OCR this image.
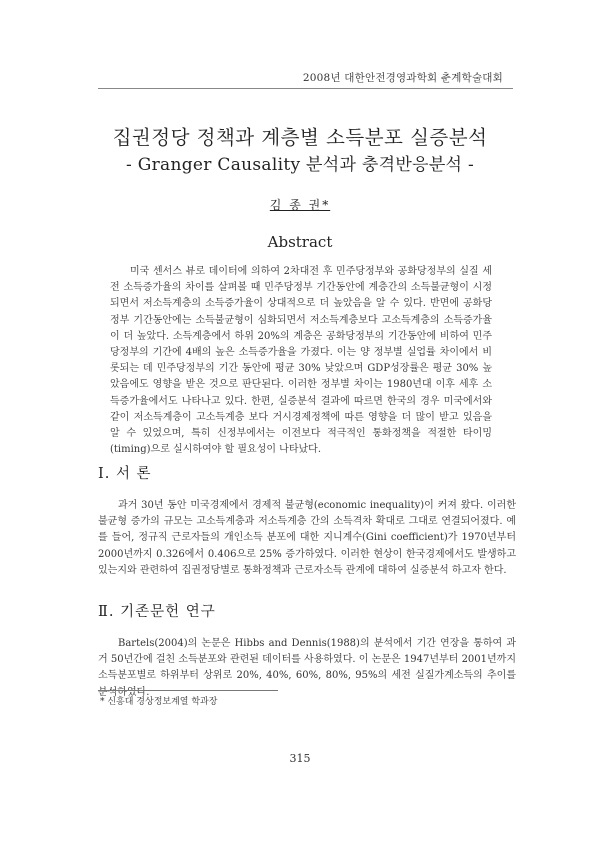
2008년 대한안전경영과학회 춘계학술대회
집권정당 정책과 계층별 소득분포 실증분석
- Granger Causality 분석과 충격반응분석 -
김 종 권*
Abstract
미국 센서스 뷰로 데이터에 의하여 2차대전 후 민주당정부와 공화당정부의 실질 세전 소득증가율의 차이를 살펴볼 때 민주당정부 기간동안에 계층간의 소득불균형이 시정되면서 저소득계층의 소득증가율이 상대적으로 더 높았음을 알 수 있다. 반면에 공화당정부 기간동안에는 소득불균형이 심화되면서 저소득계층보다 고소득계층의 소득증가율이 더 높았다. 소득계층에서 하위 20%의 계층은 공화당정부의 기간동안에 비하여 민주당정부의 기간에 4배의 높은 소득증가율을 가졌다. 이는 양 정부별 실업률 차이에서 비롯되는 데 민주당정부의 기간 동안에 평균 30% 낮았으며 GDP성장률은 평균 30% 높았음에도 영향을 받은 것으로 판단된다. 이러한 정부별 차이는 1980년대 이후 세후 소득증가율에서도 나타나고 있다. 한편, 실증분석 결과에 따르면 한국의 경우 미국에서와 같이 저소득계층이 고소득계층 보다 거시경제정책에 따른 영향을 더 많이 받고 있음을 알 수 있었으며, 특히 신정부에서는 이전보다 적극적인 통화정책을 적절한 타이밍(timing)으로 실시하여야 할 필요성이 나타났다.
Ⅰ. 서 론
과거 30년 동안 미국경제에서 경제적 불균형(economic inequality)이 커져 왔다. 이러한 불균형 증가의 규모는 고소득계층과 저소득계층 간의 소득격차 확대로 그대로 연결되어졌다. 예를 들어, 정규직 근로자들의 개인소득 분포에 대한 지니계수(Gini coefficient)가 1970년부터 2000년까지 0.326에서 0.406으로 25% 증가하였다. 이러한 현상이 한국경제에서도 발생하고 있는지와 관련하여 집권정당별로 통화정책과 근로자소득 관계에 대하여 실증분석 하고자 한다.
Ⅱ. 기존문헌 연구
Bartels(2004)의 논문은 Hibbs and Dennis(1988)의 분석에서 기간 연장을 통하여 과거 50년간에 걸친 소득분포와 관련된 데이터를 사용하였다. 이 논문은 1947년부터 2001년까지 소득분포별로 하위부터 상위로 20%, 40%, 60%, 80%, 95%의 세전 실질가계소득의 추이를 분석하였다.
* 신흥대 경상정보계열 학과장
315
